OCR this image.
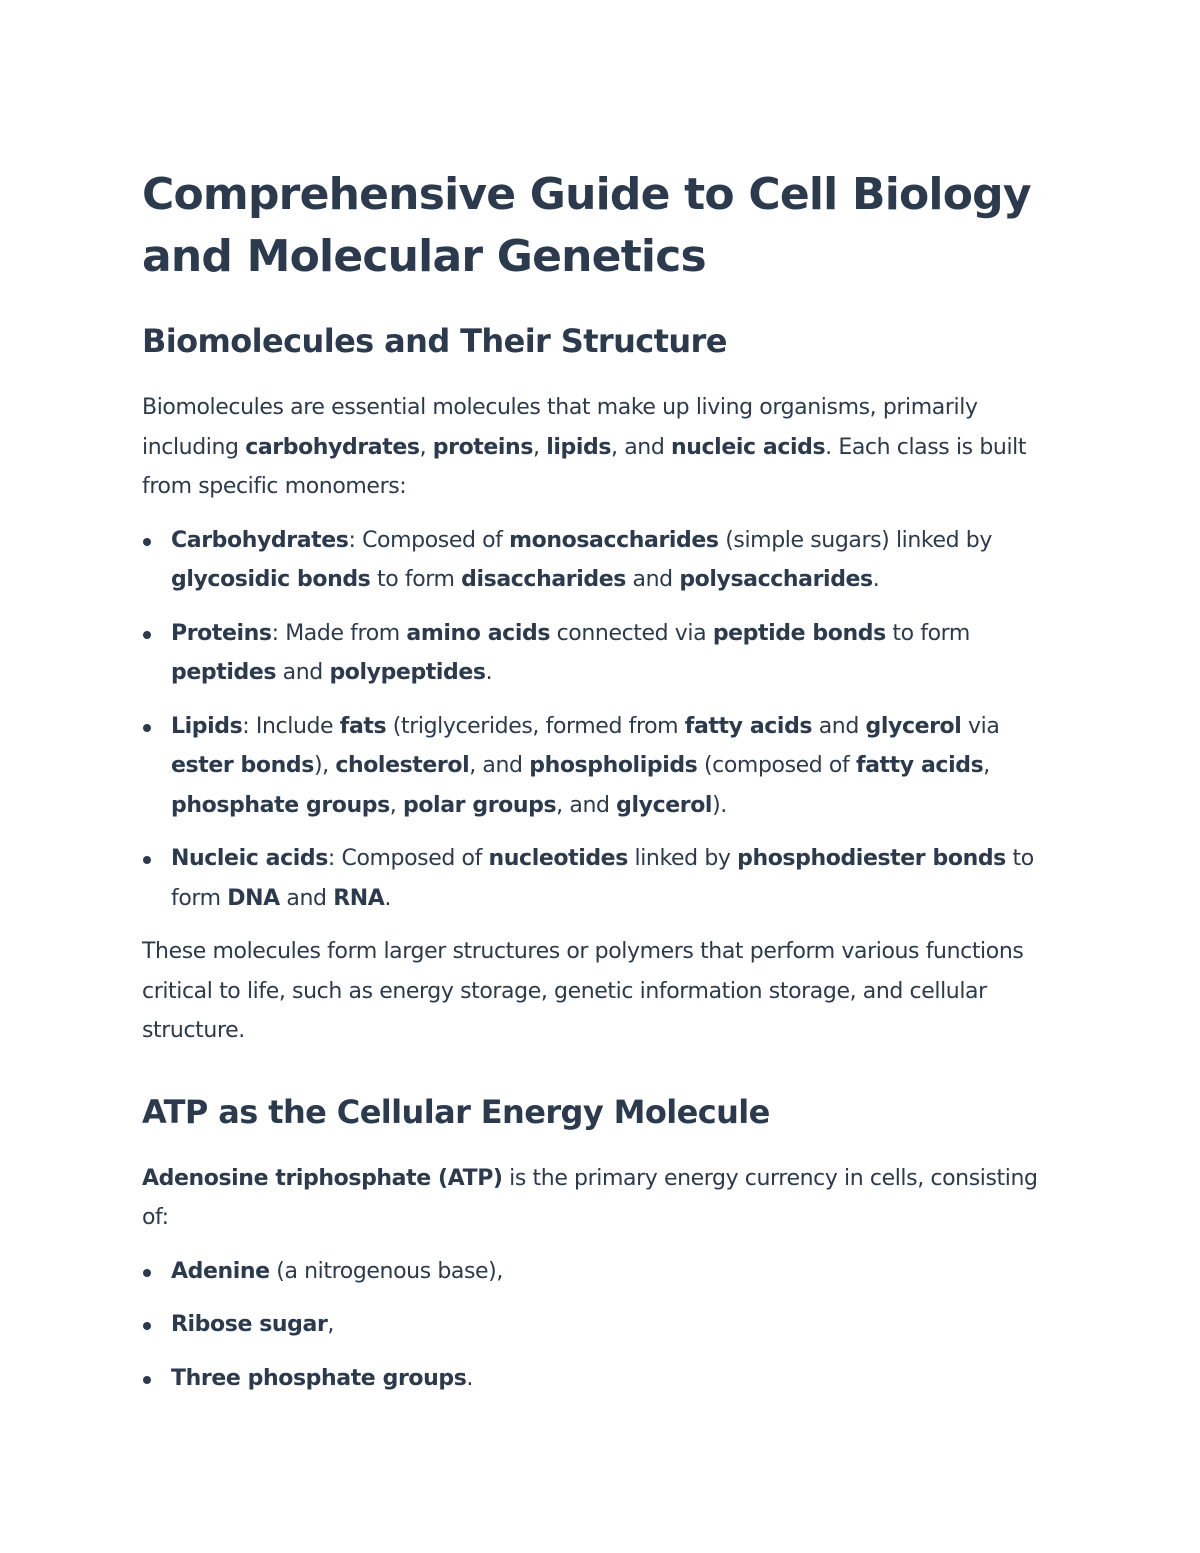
Comprehensive Guide to Cell Biology and Molecular Genetics
Biomolecules and Their Structure

Biomolecules are essential molecules that make up living organisms, primarily including carbohydrates, proteins, lipids, and nucleic acids. Each class is built from specific monomers:

Carbohydrates: Composed of monosaccharides (simple sugars) linked by glycosidic bonds to form disaccharides and polysaccharides.
Proteins: Made from amino acids connected via peptide bonds to form peptides and polypeptides.
Lipids: Include fats (triglycerides, formed from fatty acids and glycerol via ester bonds), cholesterol, and phospholipids (composed of fatty acids, phosphate groups, polar groups, and glycerol).
Nucleic acids: Composed of nucleotides linked by phosphodiester bonds to form DNA and RNA.

These molecules form larger structures or polymers that perform various functions critical to life, such as energy storage, genetic information storage, and cellular structure.

ATP as the Cellular Energy Molecule

Adenosine triphosphate (ATP) is the primary energy currency in cells, consisting of:

Adenine (a nitrogenous base),
Ribose sugar,
Three phosphate groups.
